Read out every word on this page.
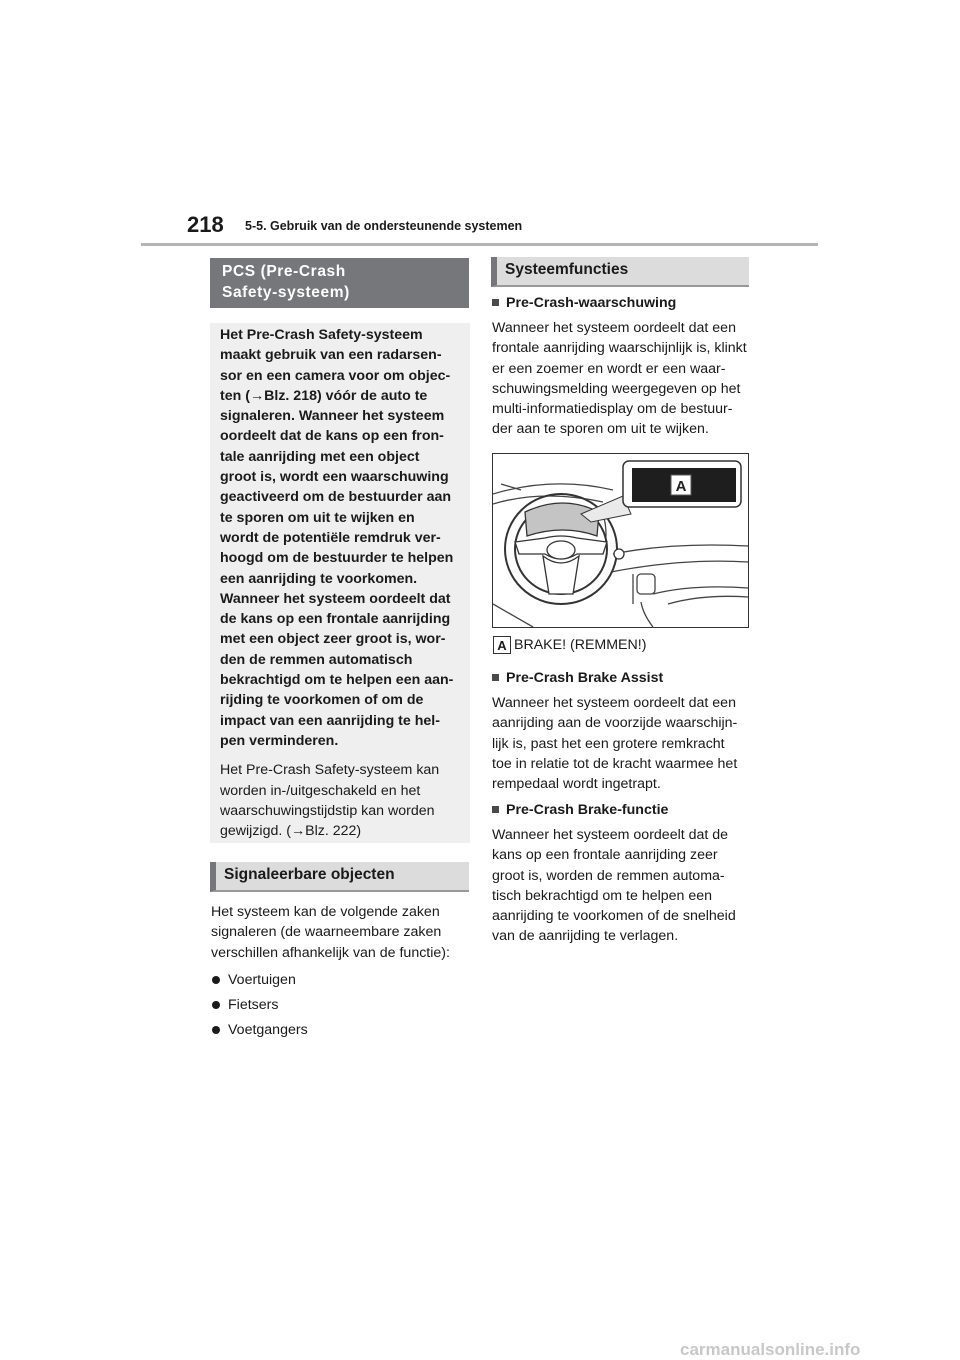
218 5-5. Gebruik van de ondersteunende systemen
PCS (Pre-Crash
Safety-systeem)

Het Pre-Crash Safety-systeem
maakt gebruik van een radarsen-
sor en een camera voor om objec-
ten (→Blz. 218) vóór de auto te
signaleren. Wanneer het systeem
oordeelt dat de kans op een fron-
tale aanrijding met een object
groot is, wordt een waarschuwing
geactiveerd om de bestuurder aan
te sporen om uit te wijken en
wordt de potentiële remdruk ver-
hoogd om de bestuurder te helpen
een aanrijding te voorkomen.
Wanneer het systeem oordeelt dat
de kans op een frontale aanrijding
met een object zeer groot is, wor-
den de remmen automatisch
bekrachtigd om te helpen een aan-
rijding te voorkomen of om de
impact van een aanrijding te hel-
pen verminderen.

Het Pre-Crash Safety-systeem kan
worden in-/uitgeschakeld en het
waarschuwingstijdstip kan worden
gewijzigd. (→Blz. 222)

Signaleerbare objecten

Het systeem kan de volgende zaken
signaleren (de waarneembare zaken
verschillen afhankelijk van de functie):

Voertuigen
Fietsers
Voetgangers
Systeemfuncties
Pre-Crash-waarschuwing

Wanneer het systeem oordeelt dat een
frontale aanrijding waarschijnlijk is, klinkt
er een zoemer en wordt er een waar-
schuwingsmelding weergegeven op het
multi-informatiedisplay om de bestuur-
der aan te sporen om uit te wijken.

A
A BRAKE! (REMMEN!)
Pre-Crash Brake Assist

Wanneer het systeem oordeelt dat een
aanrijding aan de voorzijde waarschijn-
lijk is, past het een grotere remkracht
toe in relatie tot de kracht waarmee het
rempedaal wordt ingetrapt.

Pre-Crash Brake-functie

Wanneer het systeem oordeelt dat de
kans op een frontale aanrijding zeer
groot is, worden de remmen automa-
tisch bekrachtigd om te helpen een
aanrijding te voorkomen of de snelheid
van de aanrijding te verlagen.

carmanualsonline.info
